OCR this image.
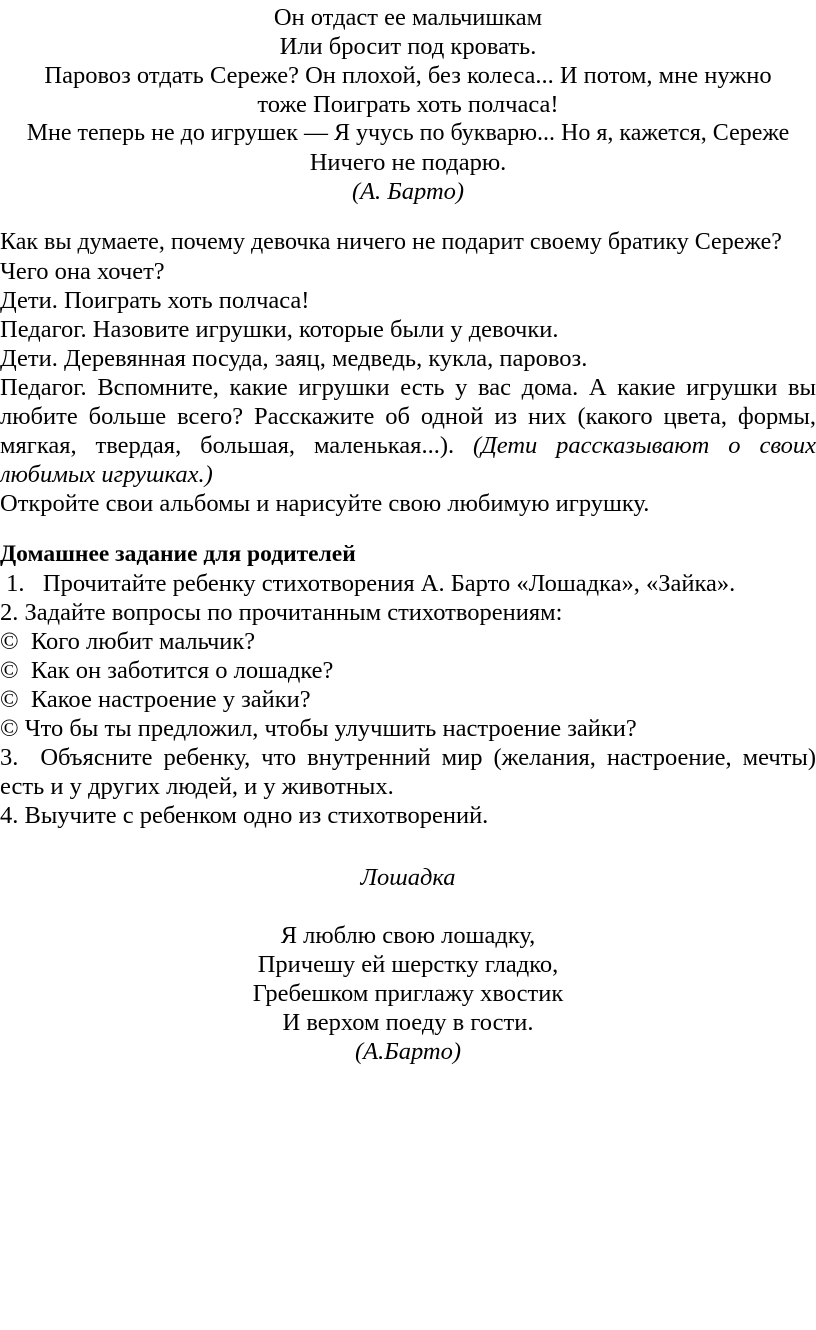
Он отдаст ее мальчишкам
Или бросит под кровать.
Паровоз отдать Сереже? Он плохой, без колеса... И потом, мне нужно
тоже Поиграть хоть полчаса!
Мне теперь не до игрушек — Я учусь по букварю... Но я, кажется, Сереже
Ничего не подарю.
(А. Барто)
Как вы думаете, почему девочка ничего не подарит своему братику Сереже?
Чего она хочет?
Дети. Поиграть хоть полчаса!
Педагог. Назовите игрушки, которые были у девочки.
Дети. Деревянная посуда, заяц, медведь, кукла, паровоз.
Педагог. Вспомните, какие игрушки есть у вас дома. А какие игрушки вы
любите больше всего? Расскажите об одной из них (какого цвета, формы,
мягкая, твердая, большая, маленькая...). (Дети рассказывают о своих
любимых игрушках.)
Откройте свои альбомы и нарисуйте свою любимую игрушку.
Домашнее задание для родителей
1.   Прочитайте ребенку стихотворения А. Барто «Лошадка», «Зайка».
2. Задайте вопросы по прочитанным стихотворениям:
©  Кого любит мальчик?
©  Как он заботится о лошадке?
©  Какое настроение у зайки?
© Что бы ты предложил, чтобы улучшить настроение зайки?
3.  Объясните ребенку, что внутренний мир (желания, настроение, мечты)
есть и у других людей, и у животных.
4. Выучите с ребенком одно из стихотворений.
Лошадка
Я люблю свою лошадку,
Причешу ей шерстку гладко,
Гребешком приглажу хвостик
И верхом поеду в гости.
(А.Барто)
